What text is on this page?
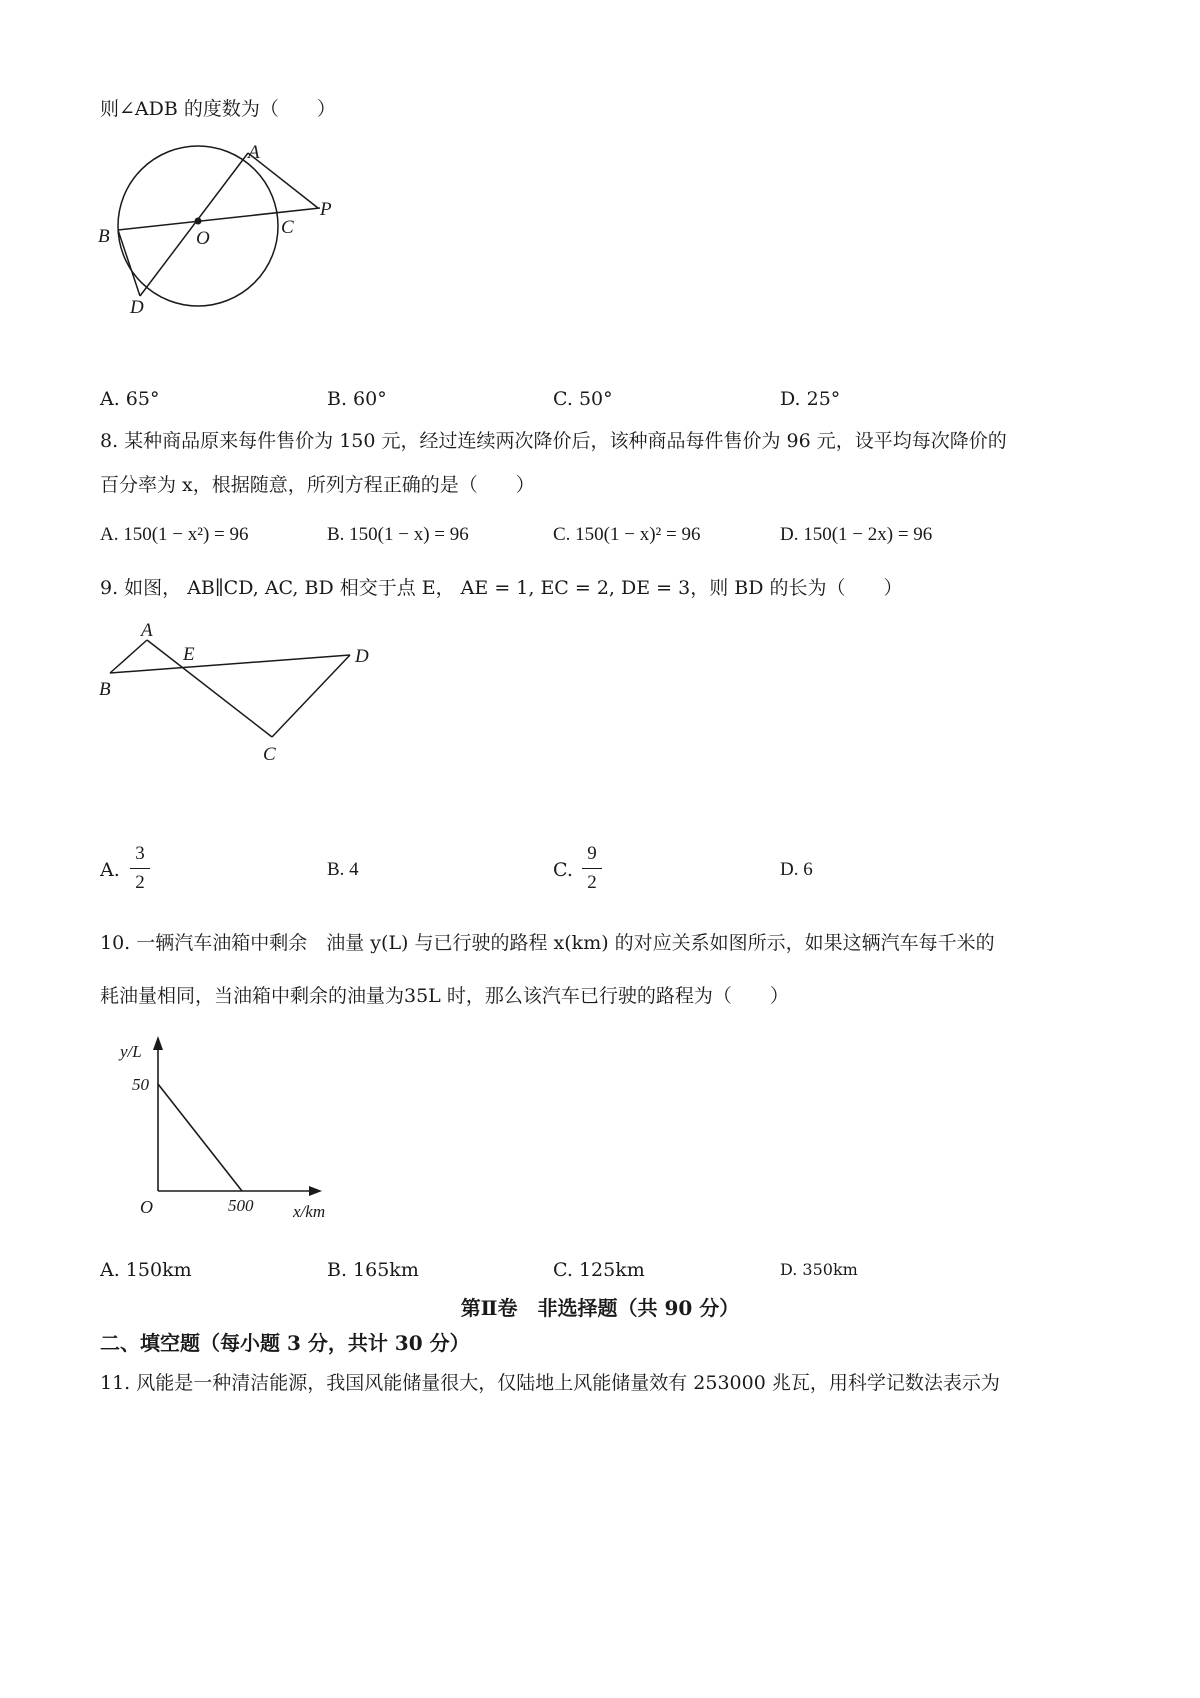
则∠ADB 的度数为（　　）
A
B	C
D
O
P
A. 65°	B. 60°	C. 50°	D. 25°
8. 某种商品原来每件售价为 150 元，经过连续两次降价后，该种商品每件售价为 96 元，设平均每次降价的
百分率为 x，根据随意，所列方程正确的是（　　）
A. 150(1 − x²) = 96	B. 150(1 − x) = 96	C. 150(1 − x)² = 96	D. 150(1 − 2x) = 96
9. 如图， AB∥CD, AC, BD 相交于点 E， AE = 1, EC = 2, DE = 3，则 BD 的长为（　　）
A
B
C
D
E
A.
3
2
B. 4	C.
9
2
D. 6
10. 一辆汽车油箱中剩余　油量 y(L) 与已行驶的路程 x(km) 的对应关系如图所示，如果这辆汽车每千米的
耗油量相同，当油箱中剩余的油量为35L 时，那么该汽车已行驶的路程为（　　）
y/L
x/km
O	500
50
A. 150km	B. 165km	C. 125km	D. 350km
第Ⅱ卷　非选择题（共 90 分）
二、填空题（每小题 3 分，共计 30 分）
11. 风能是一种清洁能源，我国风能储量很大，仅陆地上风能储量效有 253000 兆瓦，用科学记数法表示为
